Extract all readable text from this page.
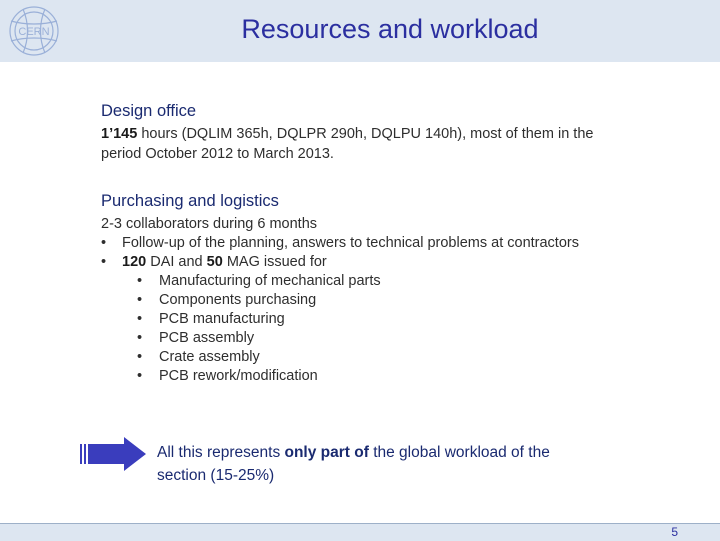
CERN	Resources and workload
Design office
1’145 hours (DQLIM 365h, DQLPR 290h, DQLPU 140h), most of them in the
period October 2012 to March 2013.
Purchasing and logistics
2-3 collaborators during 6 months
• Follow-up of the planning, answers to technical problems at contractors
• 120 DAI and 50 MAG issued for
• Manufacturing of mechanical parts
• Components purchasing
• PCB manufacturing
• PCB assembly
• Crate assembly
• PCB rework/modification
All this represents only part of the global workload of the
section (15-25%)
5
